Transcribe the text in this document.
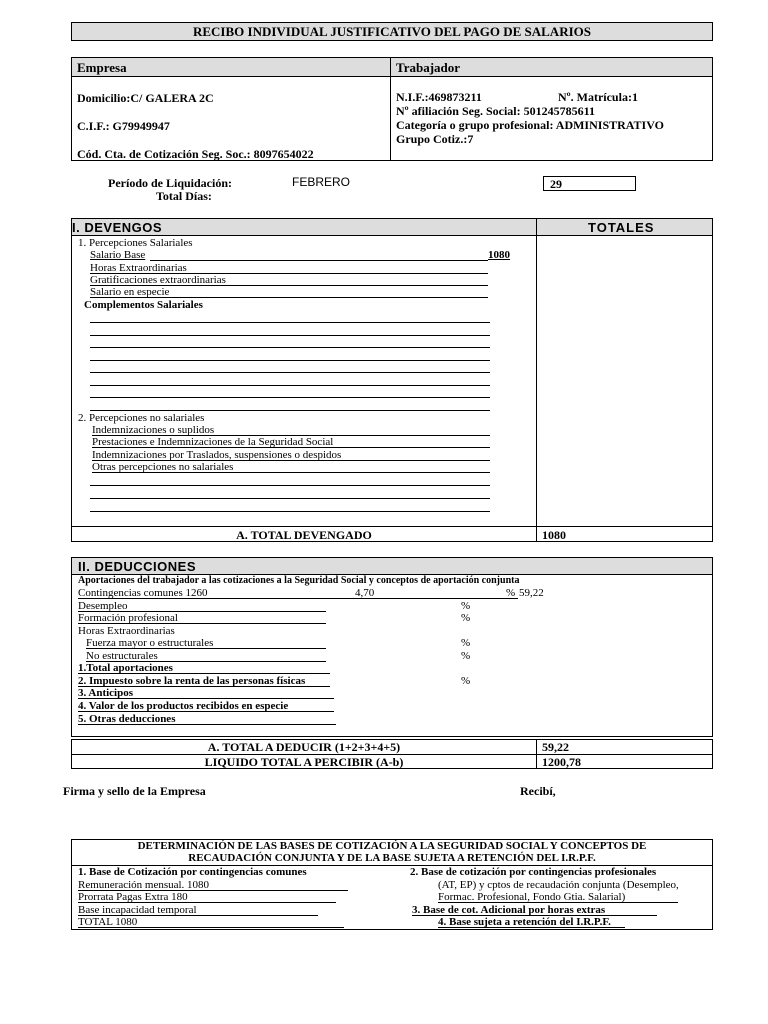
RECIBO INDIVIDUAL JUSTIFICATIVO DEL PAGO DE SALARIOS
Empresa	Trabajador
Domicilio:C/ GALERA 2C
C.I.F.: G79949947
Cód. Cta. de Cotización Seg. Soc.: 8097654022
N.I.F.:469873211	Nº. Matrícula:1
Nº afiliación Seg. Social: 501245785611
Categoría o grupo profesional: ADMINISTRATIVO
Grupo Cotiz.:7
Período de Liquidación:	FEBRERO
Total Días:
29
I. DEVENGOS	TOTALES
1. Percepciones Salariales
Salario Base	1080
Horas Extraordinarias
Gratificaciones extraordinarias
Salario en especie
Complementos Salariales
2. Percepciones no salariales
Indemnizaciones o suplidos
Prestaciones e Indemnizaciones de la Seguridad Social
Indemnizaciones por Traslados, suspensiones o despidos
Otras percepciones no salariales
A. TOTAL DEVENGADO	1080
II. DEDUCCIONES
Aportaciones del trabajador a las cotizaciones a la Seguridad Social y conceptos de aportación conjunta
Contingencias comunes 1260	4,70	% 59,22
Desempleo	%
Formación profesional	%
Horas Extraordinarias
Fuerza mayor o estructurales	%
No estructurales	%
1.Total aportaciones
2. Impuesto sobre la renta de las personas físicas	%
3. Anticipos
4. Valor de los productos recibidos en especie
5. Otras deducciones
A. TOTAL A DEDUCIR (1+2+3+4+5)	59,22
LIQUIDO TOTAL A PERCIBIR (A-b)	1200,78
Firma y sello de la Empresa	Recibí,
DETERMINACIÓN DE LAS BASES DE COTIZACIÓN A LA SEGURIDAD SOCIAL Y CONCEPTOS DE
RECAUDACIÓN CONJUNTA Y DE LA BASE SUJETA A RETENCIÓN DEL I.R.P.F.
1. Base de Cotización por contingencias comunes
Remuneración mensual. 1080
Prorrata Pagas Extra 180
Base incapacidad temporal
TOTAL 1080
2. Base de cotización por contingencias profesionales
(AT, EP) y cptos de recaudación conjunta (Desempleo,
Formac. Profesional, Fondo Gtia. Salarial)
3. Base de cot. Adicional por horas extras
4. Base sujeta a retención del I.R.P.F.
